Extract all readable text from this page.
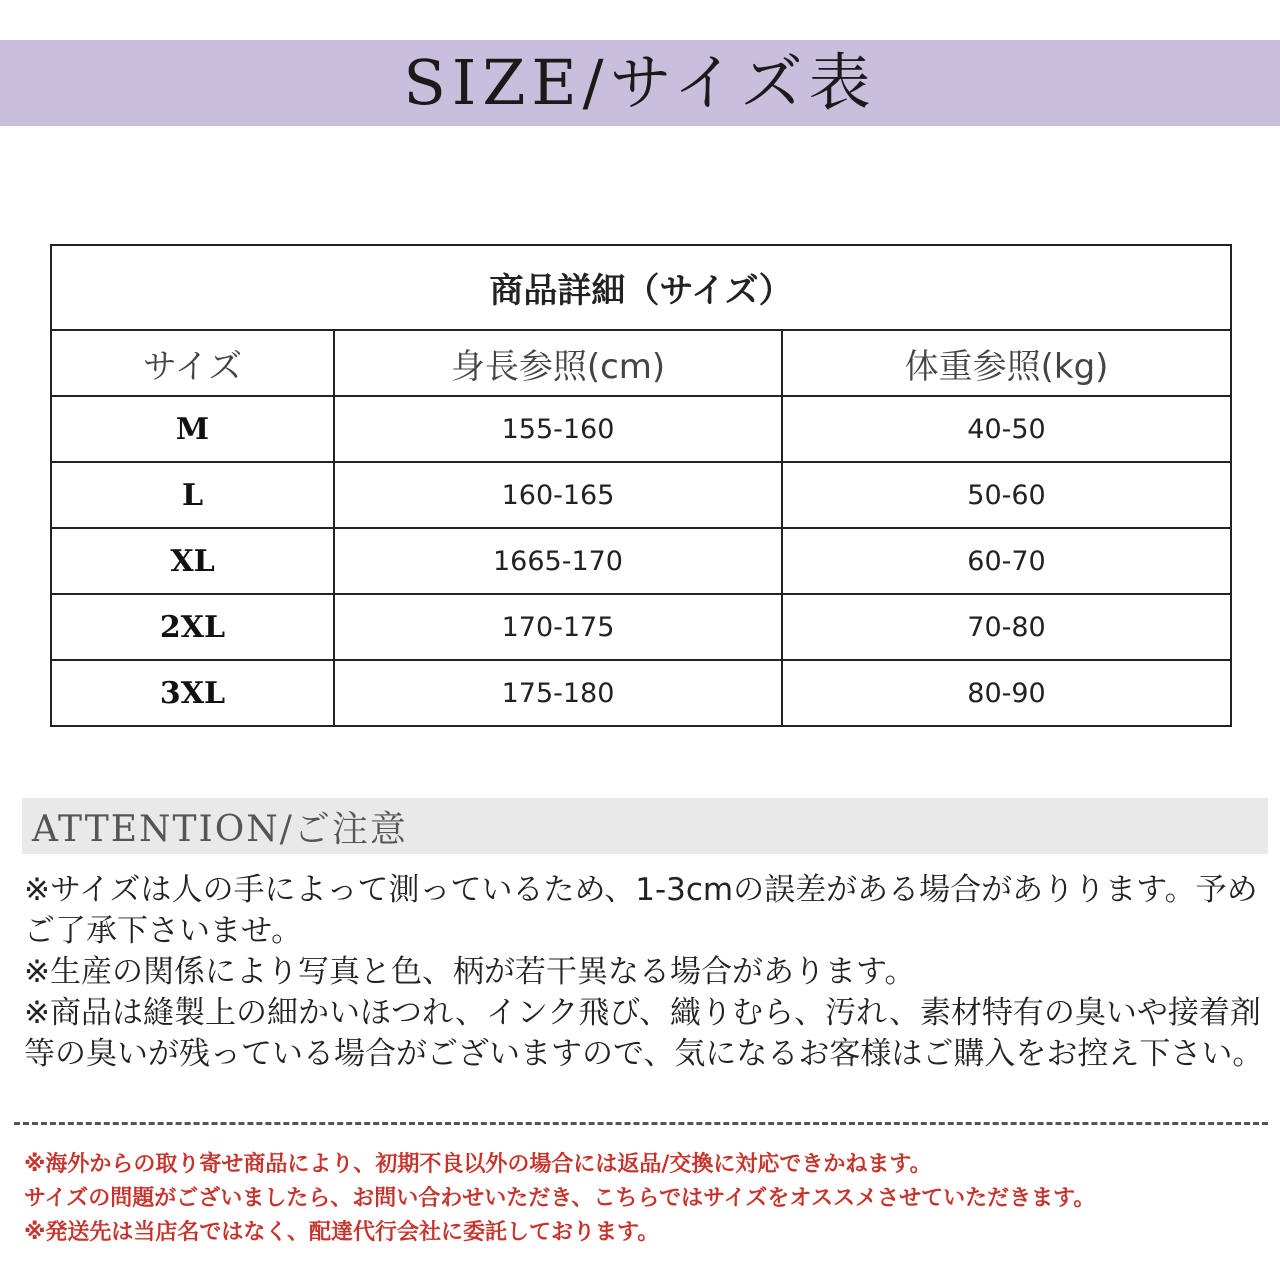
SIZE/サイズ表
商品詳細（サイズ）		
サイズ	身長参照(cm)	体重参照(kg)
M	155-160	40-50
L	160-165	50-60
XL	1665-170	60-70
2XL	170-175	70-80
3XL	175-180	80-90
ATTENTION/ご注意

※サイズは人の手によって測っているため、1-3cmの誤差がある場合がありります。予めご了承下さいませ。

※生産の関係により写真と色、柄が若干異なる場合があります。

※商品は縫製上の細かいほつれ、インク飛び、織りむら、汚れ、素材特有の臭いや接着剤等の臭いが残っている場合がございますので、気になるお客様はご購入をお控え下さい。

※海外からの取り寄せ商品により、初期不良以外の場合には返品/交換に対応できかねます。

サイズの問題がございましたら、お問い合わせいただき、こちらではサイズをオススメさせていただきます。

※発送先は当店名ではなく、配達代行会社に委託しております。
